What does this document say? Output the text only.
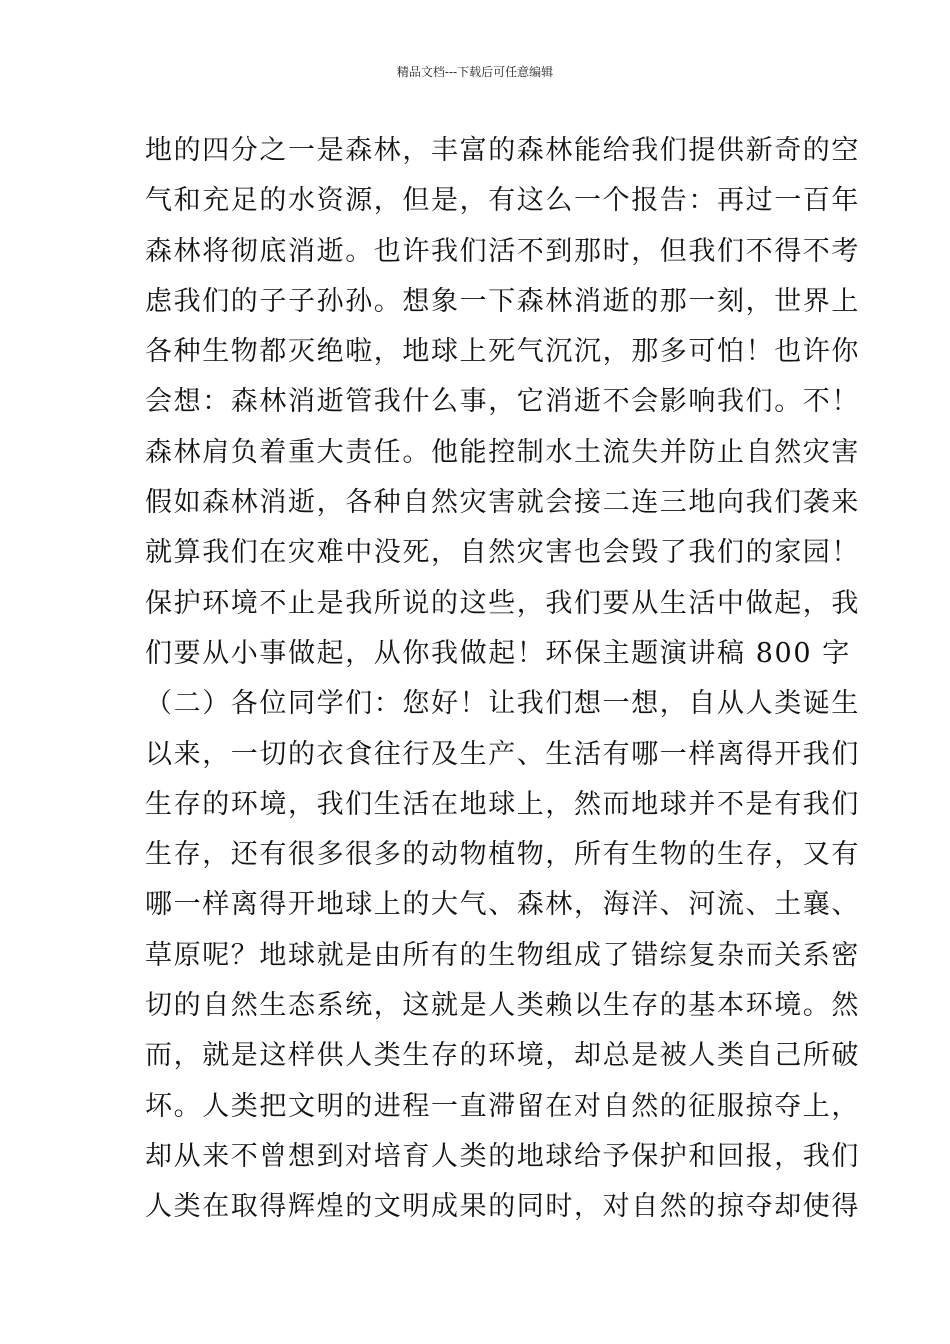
精品文档---下载后可任意编辑
地的四分之一是森林，丰富的森林能给我们提供新奇的空
气和充足的水资源，但是，有这么一个报告：再过一百年
森林将彻底消逝。也许我们活不到那时，但我们不得不考
虑我们的子子孙孙。想象一下森林消逝的那一刻，世界上
各种生物都灭绝啦，地球上死气沉沉，那多可怕！也许你
会想：森林消逝管我什么事，它消逝不会影响我们。不！
森林肩负着重大责任。他能控制水土流失并防止自然灾害
假如森林消逝，各种自然灾害就会接二连三地向我们袭来
就算我们在灾难中没死，自然灾害也会毁了我们的家园！
保护环境不止是我所说的这些，我们要从生活中做起，我
们要从小事做起，从你我做起！环保主题演讲稿 800 字
（二）各位同学们：您好！让我们想一想，自从人类诞生
以来，一切的衣食往行及生产、生活有哪一样离得开我们
生存的环境，我们生活在地球上，然而地球并不是有我们
生存，还有很多很多的动物植物，所有生物的生存，又有
哪一样离得开地球上的大气、森林，海洋、河流、土襄、
草原呢？地球就是由所有的生物组成了错综复杂而关系密
切的自然生态系统，这就是人类赖以生存的基本环境。然
而，就是这样供人类生存的环境，却总是被人类自己所破
坏。人类把文明的进程一直滞留在对自然的征服掠夺上，
却从来不曾想到对培育人类的地球给予保护和回报，我们
人类在取得辉煌的文明成果的同时，对自然的掠夺却使得
